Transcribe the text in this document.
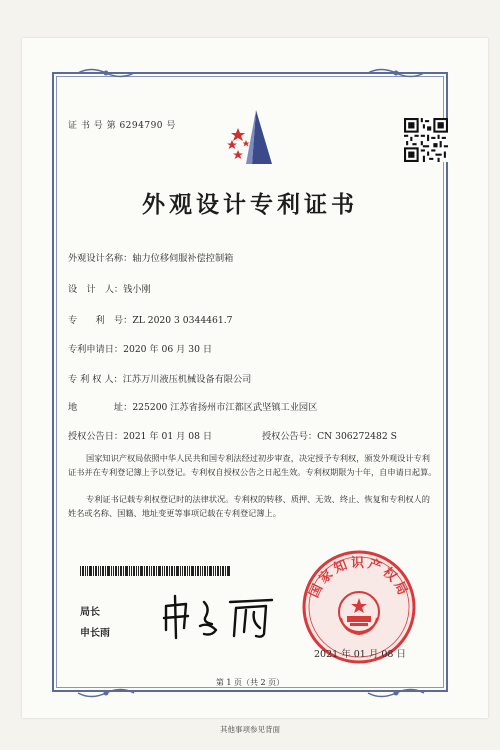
证 书 号 第 6294790 号
外观设计专利证书
外观设计名称：轴力位移伺服补偿控制箱
设　计　人：钱小刚
专　　利　号：ZL 2020 3 0344461.7
专利申请日：2020 年 06 月 30 日
专 利 权 人：江苏万川液压机械设备有限公司
地　　　　址：225200 江苏省扬州市江都区武坚镇工业园区
授权公告日：2021 年 01 月 08 日	授权公告号：CN 306272482 S
国家知识产权局依照中华人民共和国专利法经过初步审查，决定授予专利权，颁发外观设计专利证书并在专利登记簿上予以登记。专利权自授权公告之日起生效。专利权期限为十年，自申请日起算。
专利证书记载专利权登记时的法律状况。专利权的转移、质押、无效、终止、恢复和专利权人的姓名或名称、国籍、地址变更等事项记载在专利登记簿上。
局长
申长雨
国家知识产权局
2021 年 01 月 08 日
第 1 页（共 2 页）
其他事项参见背面
